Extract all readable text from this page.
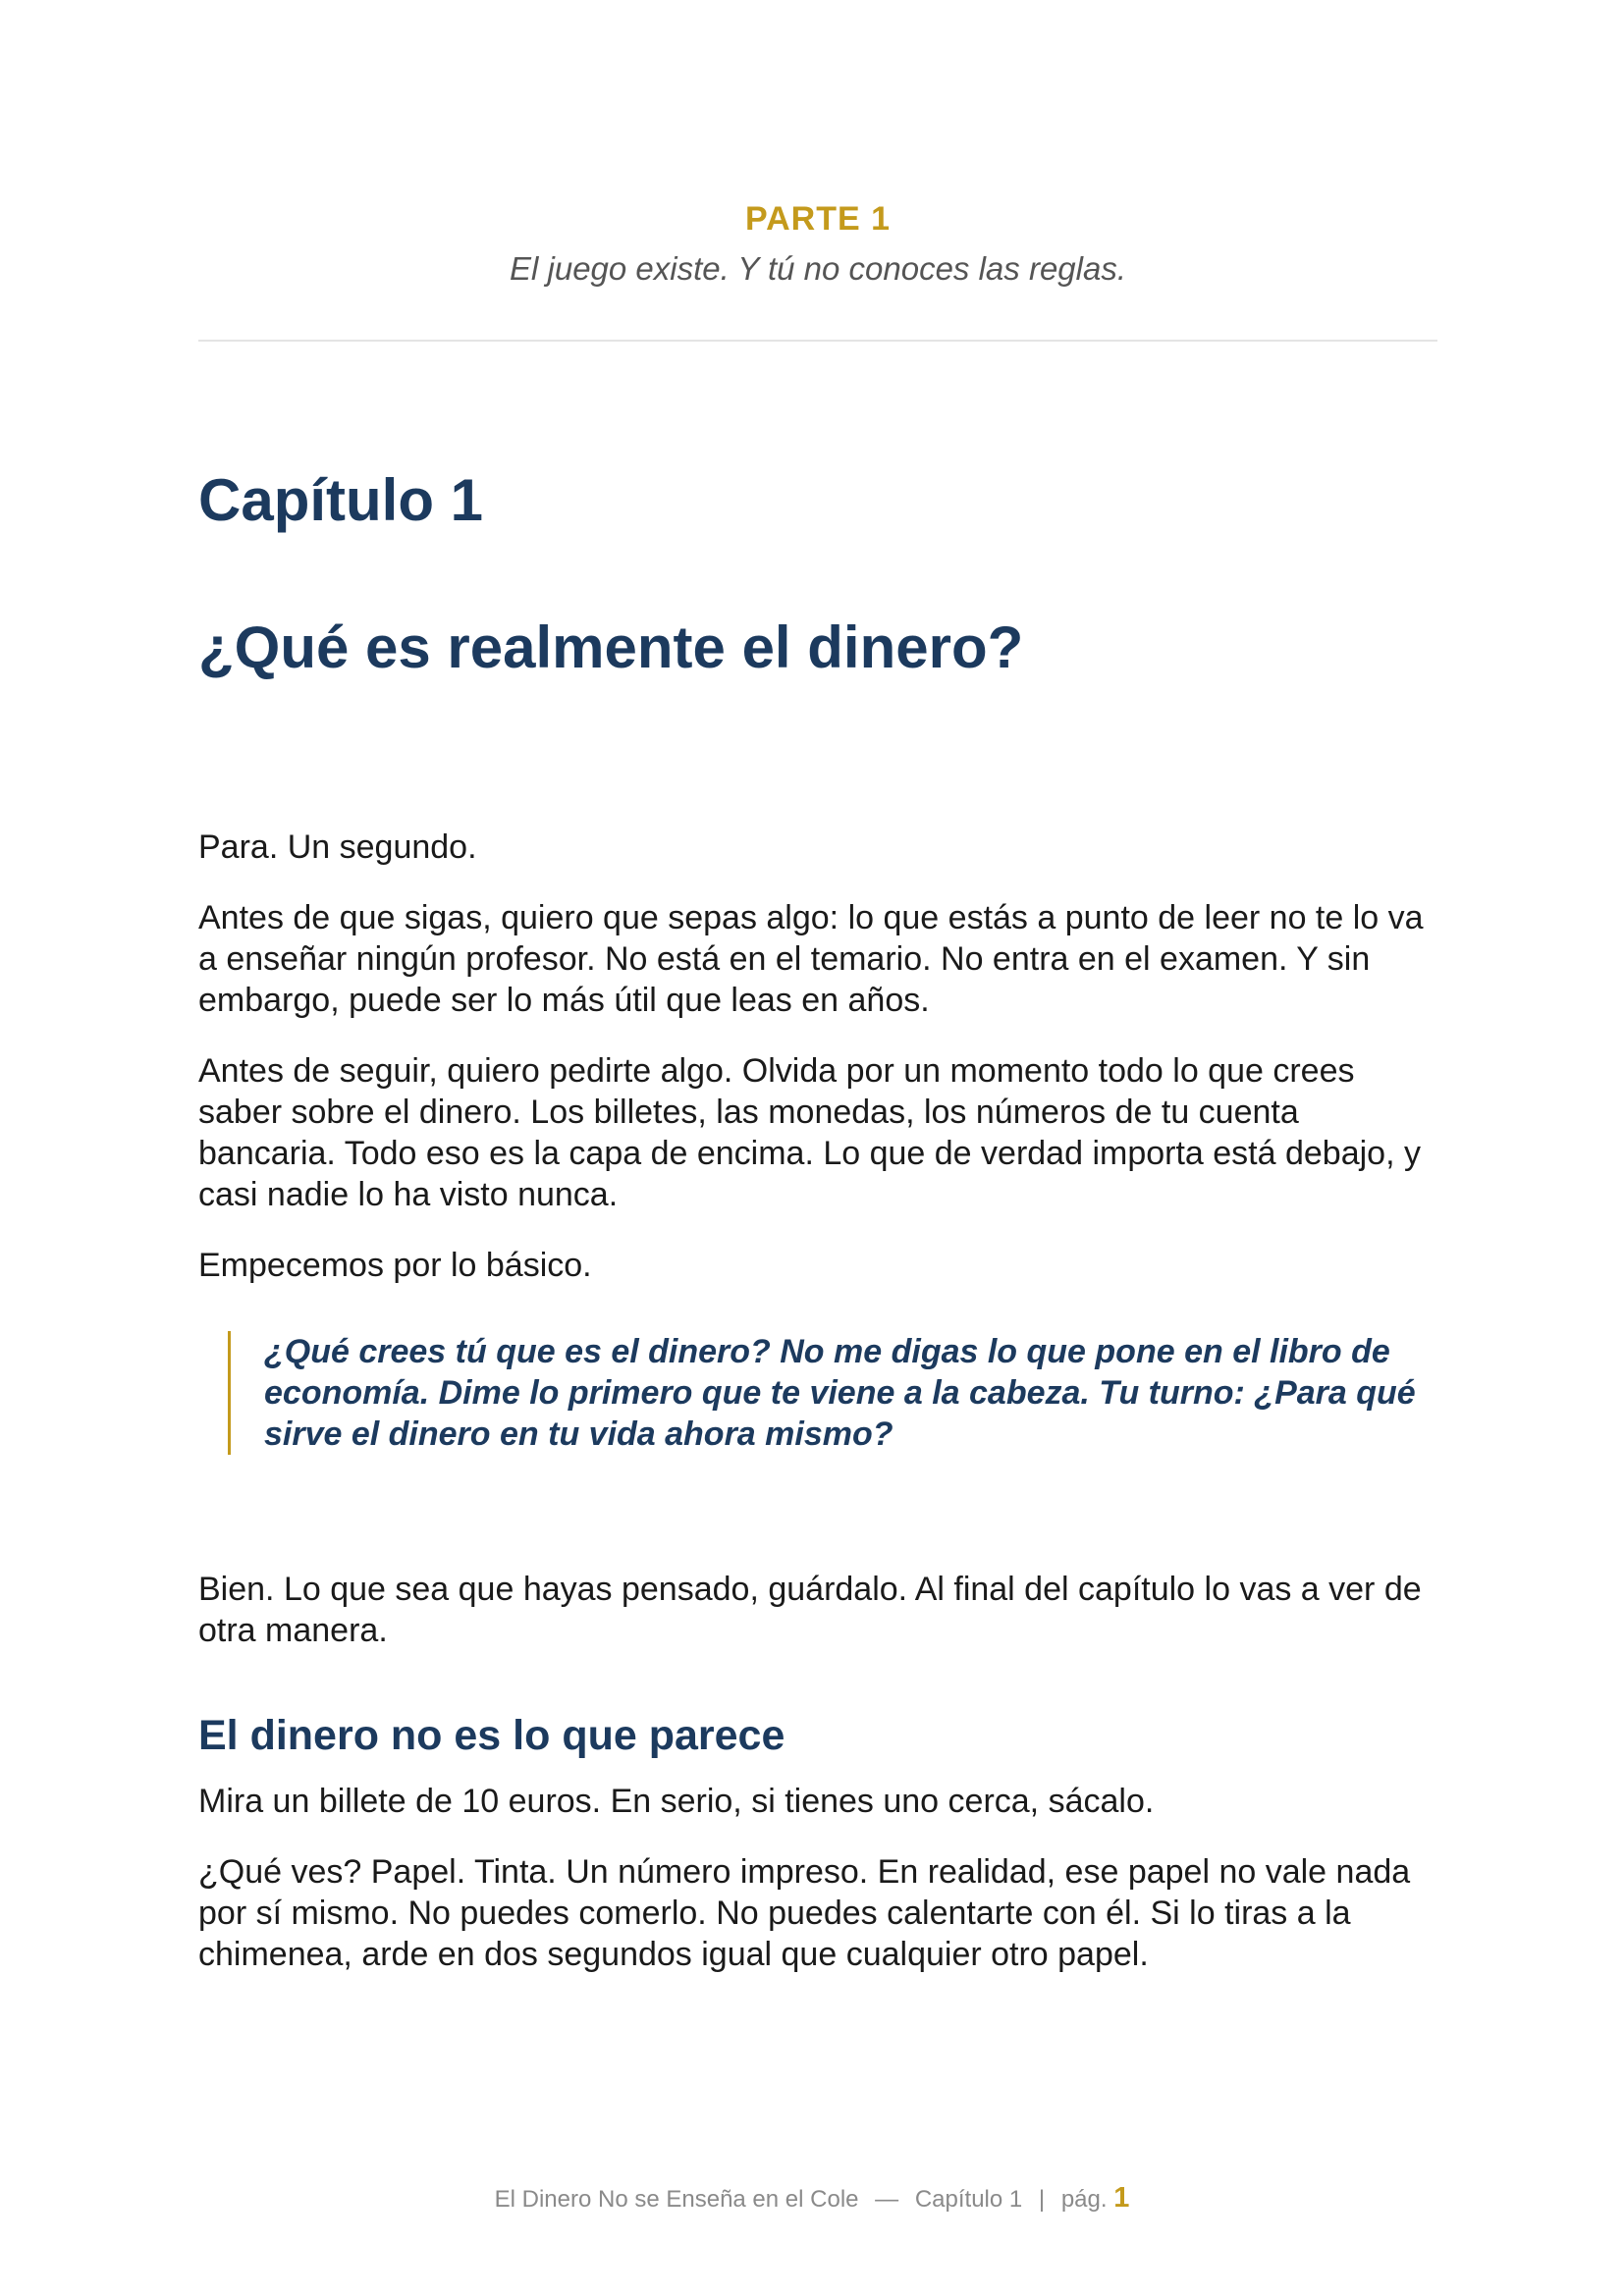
PARTE 1
El juego existe. Y tú no conoces las reglas.
Capítulo 1
¿Qué es realmente el dinero?

Para. Un segundo.

Antes de que sigas, quiero que sepas algo: lo que estás a punto de leer no te lo va a enseñar ningún profesor. No está en el temario. No entra en el examen. Y sin embargo, puede ser lo más útil que leas en años.

Antes de seguir, quiero pedirte algo. Olvida por un momento todo lo que crees saber sobre el dinero. Los billetes, las monedas, los números de tu cuenta bancaria. Todo eso es la capa de encima. Lo que de verdad importa está debajo, y casi nadie lo ha visto nunca.

Empecemos por lo básico.

¿Qué crees tú que es el dinero? No me digas lo que pone en el libro de economía. Dime lo primero que te viene a la cabeza. Tu turno: ¿Para qué sirve el dinero en tu vida ahora mismo?

Bien. Lo que sea que hayas pensado, guárdalo. Al final del capítulo lo vas a ver de otra manera.

El dinero no es lo que parece

Mira un billete de 10 euros. En serio, si tienes uno cerca, sácalo.

¿Qué ves? Papel. Tinta. Un número impreso. En realidad, ese papel no vale nada por sí mismo. No puedes comerlo. No puedes calentarte con él. Si lo tiras a la chimenea, arde en dos segundos igual que cualquier otro papel.

El Dinero No se Enseña en el Cole — Capítulo 1 | pág. 1
